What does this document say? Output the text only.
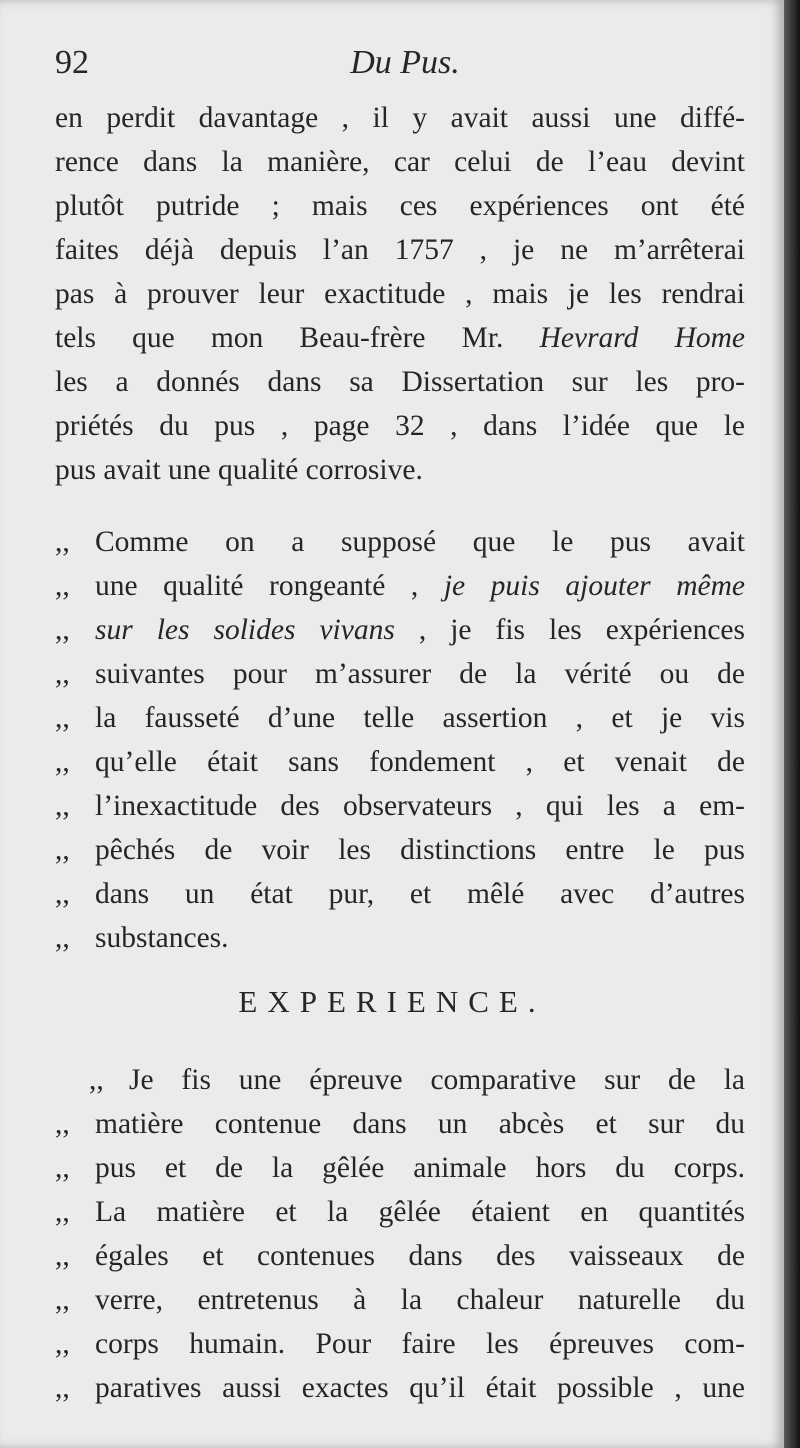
92	Du Pus.
en perdit davantage , il y avait aussi une diffé-
rence dans la manière, car celui de l’eau devint
plutôt putride ; mais ces expériences ont été
faites déjà depuis l’an 1757 , je ne m’arrêterai
pas à prouver leur exactitude , mais je les rendrai
tels que mon Beau-frère Mr. Hevrard Home
les a donnés dans sa Dissertation sur les pro-
priétés du pus , page 32 , dans l’idée que le
pus avait une qualité corrosive.
,, Comme on a supposé que le pus avait
,, une qualité rongeanté , je puis ajouter même
,, sur les solides vivans , je fis les expériences
,, suivantes pour m’assurer de la vérité ou de
,, la fausseté d’une telle assertion , et je vis
,, qu’elle était sans fondement , et venait de
,, l’inexactitude des observateurs , qui les a em-
,, pêchés de voir les distinctions entre le pus
,, dans un état pur, et mêlé avec d’autres
,, substances.
EXPERIENCE.
,, Je fis une épreuve comparative sur de la
,, matière contenue dans un abcès et sur du
,, pus et de la gêlée animale hors du corps.
,, La matière et la gêlée étaient en quantités
,, égales et contenues dans des vaisseaux de
,, verre, entretenus à la chaleur naturelle du
,, corps humain. Pour faire les épreuves com-
,, paratives aussi exactes qu’il était possible , une
